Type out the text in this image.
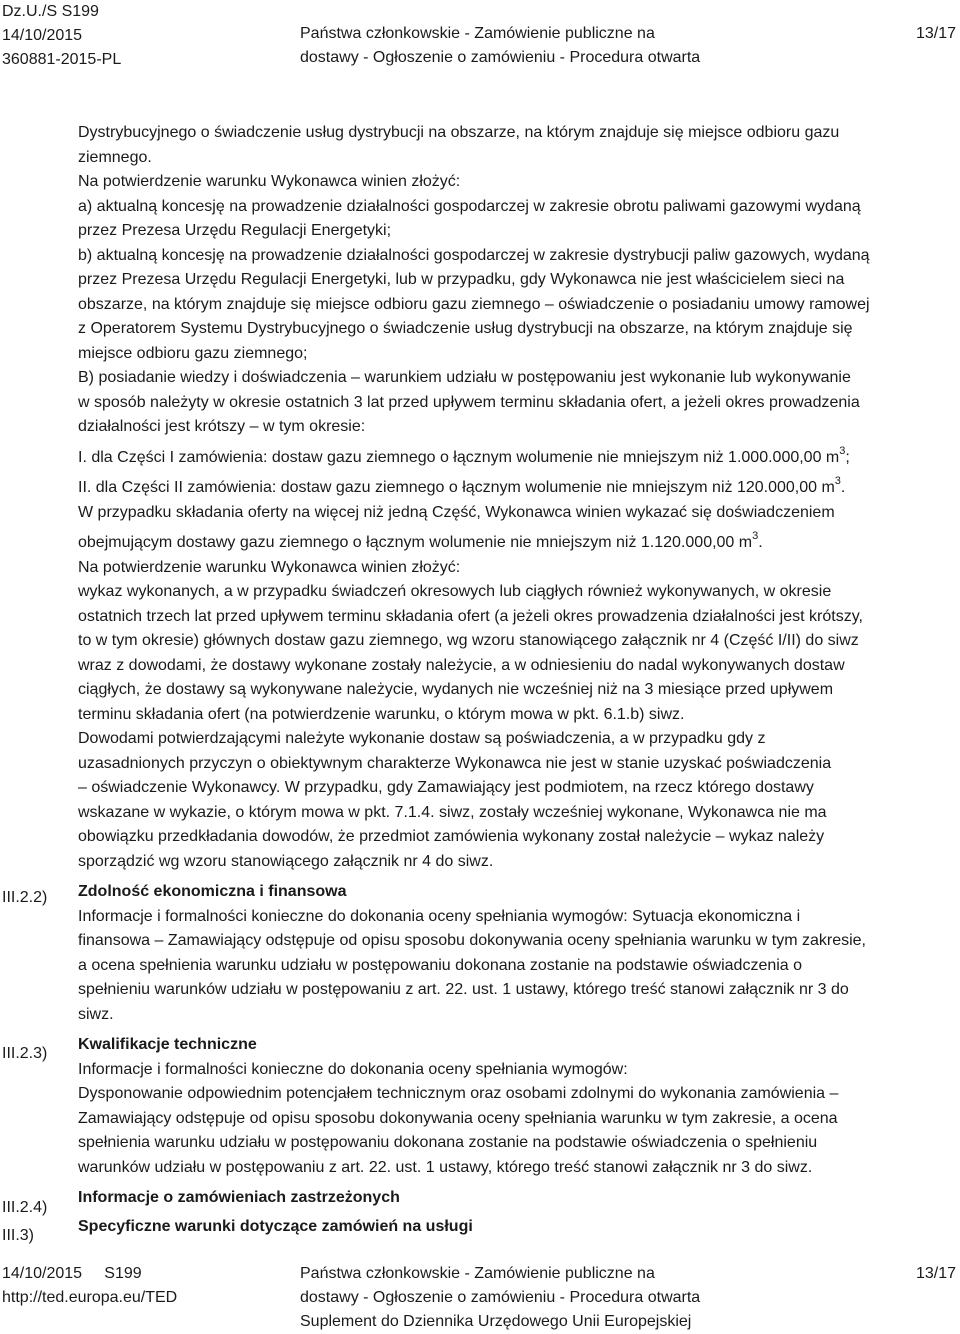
Dz.U./S S199
14/10/2015
360881-2015-PL
Państwa członkowskie - Zamówienie publiczne na
dostawy - Ogłoszenie o zamówieniu - Procedura otwarta
13/17
III.2.2)
III.2.3)
III.2.4)
III.3)
Dystrybucyjnego o świadczenie usług dystrybucji na obszarze, na którym znajduje się miejsce odbioru gazu
ziemnego.
Na potwierdzenie warunku Wykonawca winien złożyć:
a) aktualną koncesję na prowadzenie działalności gospodarczej w zakresie obrotu paliwami gazowymi wydaną
przez Prezesa Urzędu Regulacji Energetyki;
b) aktualną koncesję na prowadzenie działalności gospodarczej w zakresie dystrybucji paliw gazowych, wydaną
przez Prezesa Urzędu Regulacji Energetyki, lub w przypadku, gdy Wykonawca nie jest właścicielem sieci na
obszarze, na którym znajduje się miejsce odbioru gazu ziemnego – oświadczenie o posiadaniu umowy ramowej
z Operatorem Systemu Dystrybucyjnego o świadczenie usług dystrybucji na obszarze, na którym znajduje się
miejsce odbioru gazu ziemnego;
B) posiadanie wiedzy i doświadczenia – warunkiem udziału w postępowaniu jest wykonanie lub wykonywanie
w sposób należyty w okresie ostatnich 3 lat przed upływem terminu składania ofert, a jeżeli okres prowadzenia
działalności jest krótszy – w tym okresie:
I. dla Części I zamówienia: dostaw gazu ziemnego o łącznym wolumenie nie mniejszym niż 1.000.000,00 $m^3$;
II. dla Części II zamówienia: dostaw gazu ziemnego o łącznym wolumenie nie mniejszym niż 120.000,00 $m^3$.
W przypadku składania oferty na więcej niż jedną Część, Wykonawca winien wykazać się doświadczeniem
obejmującym dostawy gazu ziemnego o łącznym wolumenie nie mniejszym niż 1.120.000,00 $m^3$.
Na potwierdzenie warunku Wykonawca winien złożyć:
wykaz wykonanych, a w przypadku świadczeń okresowych lub ciągłych również wykonywanych, w okresie
ostatnich trzech lat przed upływem terminu składania ofert (a jeżeli okres prowadzenia działalności jest krótszy,
to w tym okresie) głównych dostaw gazu ziemnego, wg wzoru stanowiącego załącznik nr 4 (Część I/II) do siwz
wraz z dowodami, że dostawy wykonane zostały należycie, a w odniesieniu do nadal wykonywanych dostaw
ciągłych, że dostawy są wykonywane należycie, wydanych nie wcześniej niż na 3 miesiące przed upływem
terminu składania ofert (na potwierdzenie warunku, o którym mowa w pkt. 6.1.b) siwz.
Dowodami potwierdzającymi należyte wykonanie dostaw są poświadczenia, a w przypadku gdy z
uzasadnionych przyczyn o obiektywnym charakterze Wykonawca nie jest w stanie uzyskać poświadczenia
– oświadczenie Wykonawcy. W przypadku, gdy Zamawiający jest podmiotem, na rzecz którego dostawy
wskazane w wykazie, o którym mowa w pkt. 7.1.4. siwz, zostały wcześniej wykonane, Wykonawca nie ma
obowiązku przedkładania dowodów, że przedmiot zamówienia wykonany został należycie – wykaz należy
sporządzić wg wzoru stanowiącego załącznik nr 4 do siwz.
Zdolność ekonomiczna i finansowa
Informacje i formalności konieczne do dokonania oceny spełniania wymogów: Sytuacja ekonomiczna i
finansowa – Zamawiający odstępuje od opisu sposobu dokonywania oceny spełniania warunku w tym zakresie,
a ocena spełnienia warunku udziału w postępowaniu dokonana zostanie na podstawie oświadczenia o
spełnieniu warunków udziału w postępowaniu z art. 22. ust. 1 ustawy, którego treść stanowi załącznik nr 3 do
siwz.
Kwalifikacje techniczne
Informacje i formalności konieczne do dokonania oceny spełniania wymogów:
Dysponowanie odpowiednim potencjałem technicznym oraz osobami zdolnymi do wykonania zamówienia –
Zamawiający odstępuje od opisu sposobu dokonywania oceny spełniania warunku w tym zakresie, a ocena
spełnienia warunku udziału w postępowaniu dokonana zostanie na podstawie oświadczenia o spełnieniu
warunków udziału w postępowaniu z art. 22. ust. 1 ustawy, którego treść stanowi załącznik nr 3 do siwz.
Informacje o zamówieniach zastrzeżonych
Specyficzne warunki dotyczące zamówień na usługi
14/10/2015     S199
http://ted.europa.eu/TED
Państwa członkowskie - Zamówienie publiczne na
dostawy - Ogłoszenie o zamówieniu - Procedura otwarta
Suplement do Dziennika Urzędowego Unii Europejskiej
13/17
